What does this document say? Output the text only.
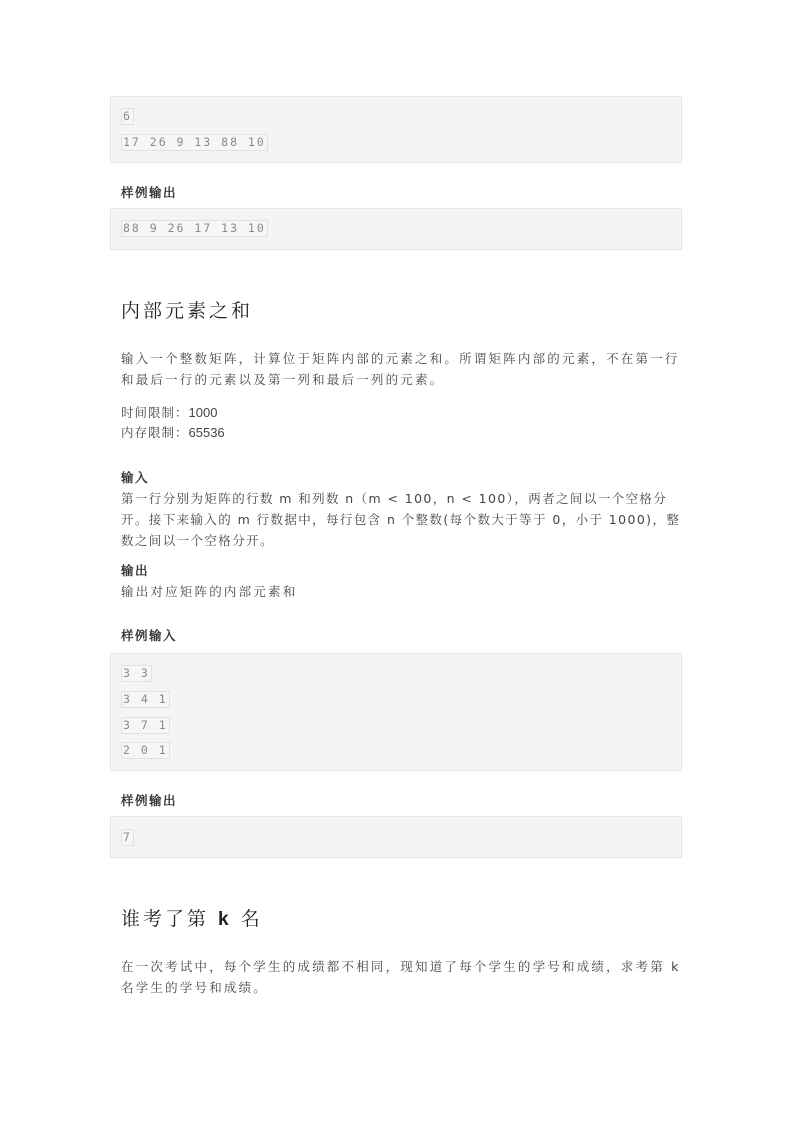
6
17 26 9 13 88 10
样例输出
88 9 26 17 13 10
内部元素之和
输入一个整数矩阵，计算位于矩阵内部的元素之和。所谓矩阵内部的元素，不在第一行和最后一行的元素以及第一列和最后一列的元素。
时间限制：1000
内存限制：65536
输入
第一行分别为矩阵的行数 m 和列数 n（m < 100，n < 100），两者之间以一个空格分开。接下来输入的 m 行数据中，每行包含 n 个整数(每个数大于等于 0，小于 1000)，整数之间以一个空格分开。
输出
输出对应矩阵的内部元素和
样例输入
3 3
3 4 1
3 7 1
2 0 1
样例输出
7
谁考了第 k 名
在一次考试中，每个学生的成绩都不相同，现知道了每个学生的学号和成绩，求考第 k 名学生的学号和成绩。
